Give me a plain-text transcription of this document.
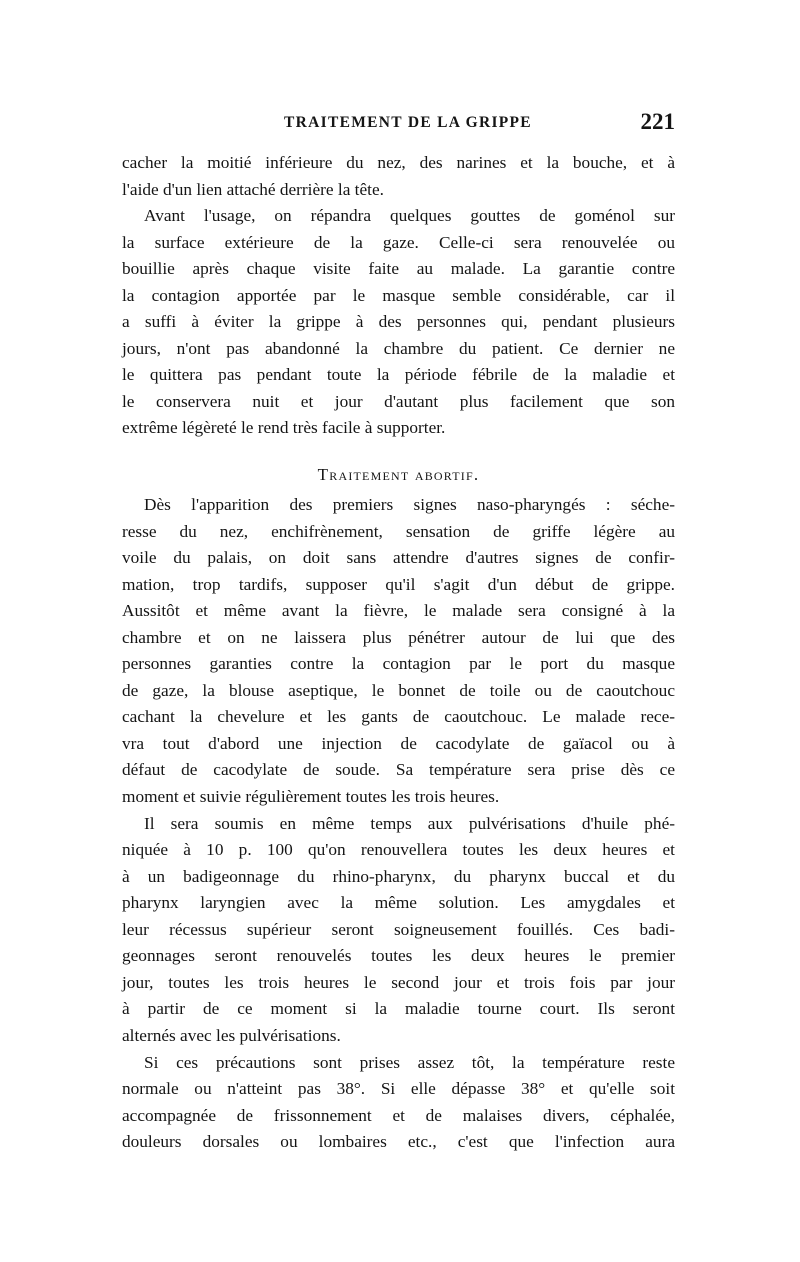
TRAITEMENT DE LA GRIPPE	221
cacher la moitié inférieure du nez, des narines et la bouche, et à
l'aide d'un lien attaché derrière la tête.
Avant l'usage, on répandra quelques gouttes de goménol sur
la surface extérieure de la gaze. Celle-ci sera renouvelée ou
bouillie après chaque visite faite au malade. La garantie contre
la contagion apportée par le masque semble considérable, car il
a suffi à éviter la grippe à des personnes qui, pendant plusieurs
jours, n'ont pas abandonné la chambre du patient. Ce dernier ne
le quittera pas pendant toute la période fébrile de la maladie et
le conservera nuit et jour d'autant plus facilement que son
extrême légèreté le rend très facile à supporter.
Traitement abortif.
Dès l'apparition des premiers signes naso-pharyngés : séche-
resse du nez, enchifrènement, sensation de griffe légère au
voile du palais, on doit sans attendre d'autres signes de confir-
mation, trop tardifs, supposer qu'il s'agit d'un début de grippe.
Aussitôt et même avant la fièvre, le malade sera consigné à la
chambre et on ne laissera plus pénétrer autour de lui que des
personnes garanties contre la contagion par le port du masque
de gaze, la blouse aseptique, le bonnet de toile ou de caoutchouc
cachant la chevelure et les gants de caoutchouc. Le malade rece-
vra tout d'abord une injection de cacodylate de gaïacol ou à
défaut de cacodylate de soude. Sa température sera prise dès ce
moment et suivie régulièrement toutes les trois heures.
Il sera soumis en même temps aux pulvérisations d'huile phé-
niquée à 10 p. 100 qu'on renouvellera toutes les deux heures et
à un badigeonnage du rhino-pharynx, du pharynx buccal et du
pharynx laryngien avec la même solution. Les amygdales et
leur récessus supérieur seront soigneusement fouillés. Ces badi-
geonnages seront renouvelés toutes les deux heures le premier
jour, toutes les trois heures le second jour et trois fois par jour
à partir de ce moment si la maladie tourne court. Ils seront
alternés avec les pulvérisations.
Si ces précautions sont prises assez tôt, la température reste
normale ou n'atteint pas 38°. Si elle dépasse 38° et qu'elle soit
accompagnée de frissonnement et de malaises divers, céphalée,
douleurs dorsales ou lombaires etc., c'est que l'infection aura
